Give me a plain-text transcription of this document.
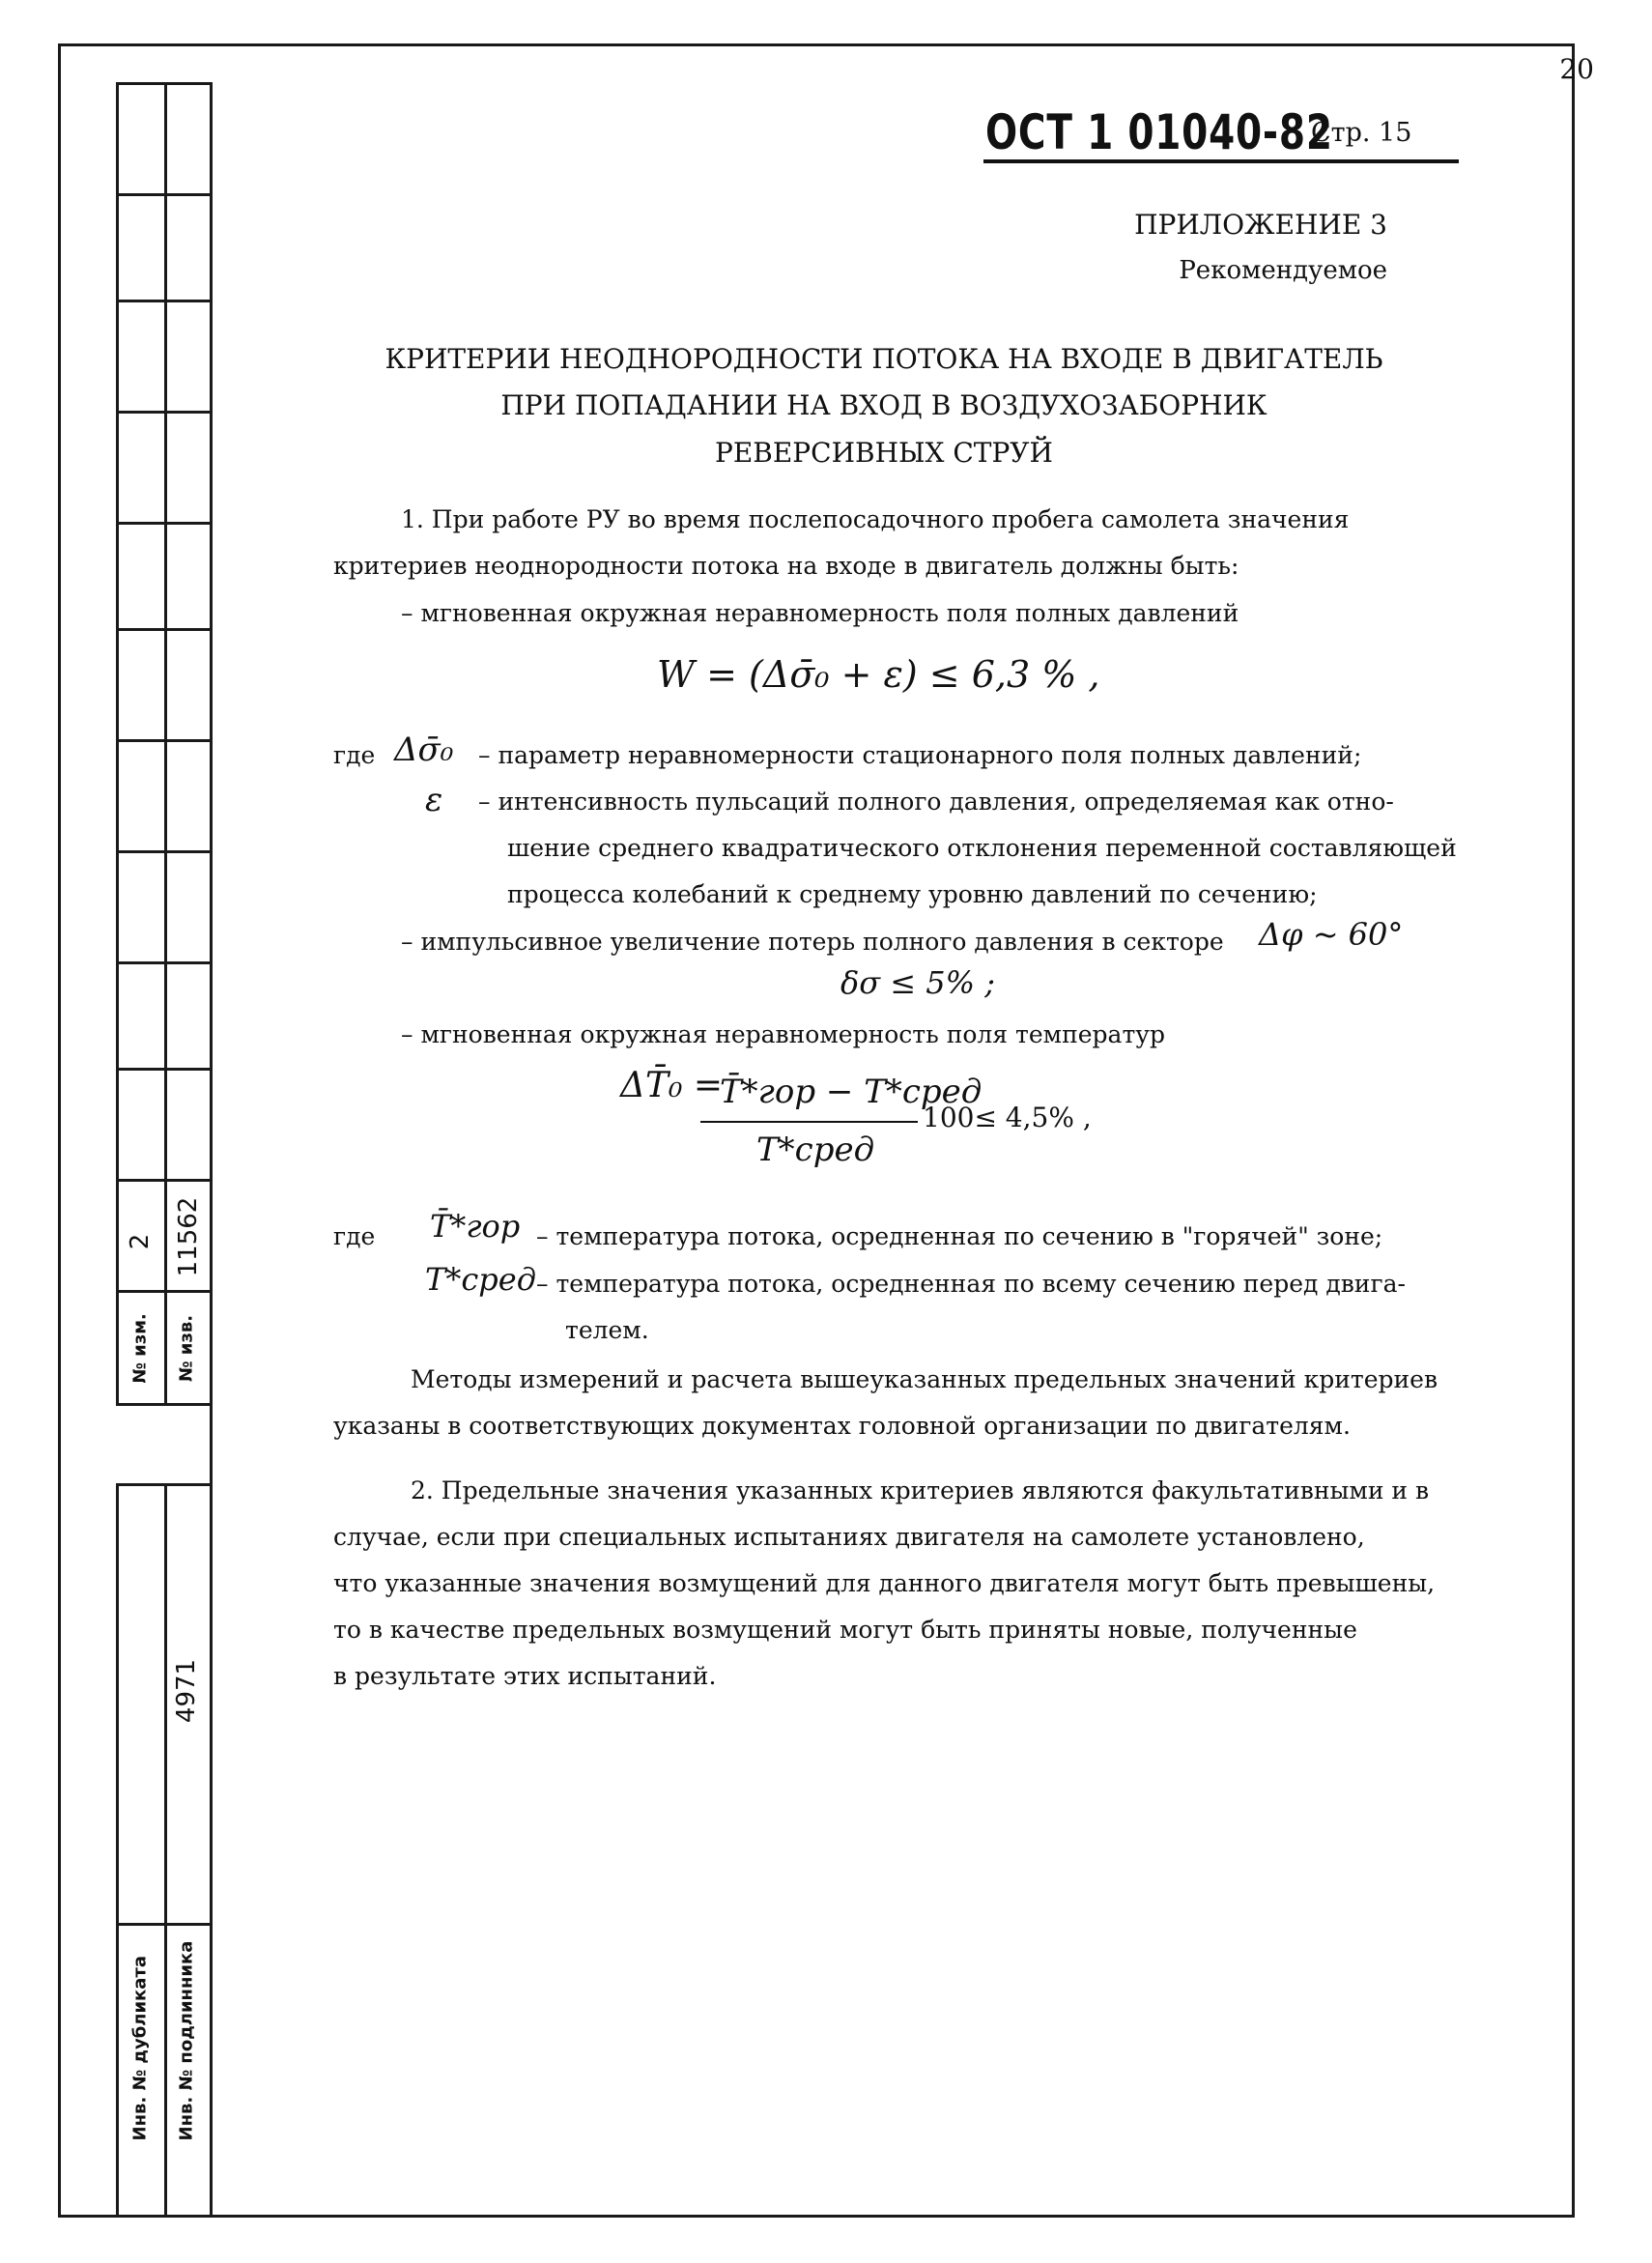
№ изм.
2
№ изв.
11562
Инв. № дубликата Инв. № подлинника
4971
20
ОСТ 1 01040-82
Стр. 15
ПРИЛОЖЕНИЕ 3
Рекомендуемое
КРИТЕРИИ НЕОДНОРОДНОСТИ ПОТОКА НА ВХОДЕ В ДВИГАТЕЛЬ
ПРИ ПОПАДАНИИ НА ВХОД В ВОЗДУХОЗАБОРНИК
РЕВЕРСИВНЫХ СТРУЙ
1. При работе РУ во время послепосадочного пробега самолета значения
критериев неоднородности потока на входе в двигатель должны быть:
– мгновенная окружная неравномерность поля полных давлений
W = (Δσ̄₀ + ε) ≤ 6,3 % ,
где Δσ̄₀ – параметр неравномерности стационарного поля полных давлений;
ε – интенсивность пульсаций полного давления, определяемая как отно-
шение среднего квадратического отклонения переменной составляющей
процесса колебаний к среднему уровню давлений по сечению;
– импульсивное увеличение потерь полного давления в секторе Δφ ~ 60°
δσ ≤ 5% ;
– мгновенная окружная неравномерность поля температур
ΔT̄₀ =
T̄*гор − T*сред
T*сред
100≤ 4,5% ,
где T̄*гор – температура потока, осредненная по сечению в "горячей" зоне;
T*сред – температура потока, осредненная по всему сечению перед двига-
телем.
Методы измерений и расчета вышеуказанных предельных значений критериев
указаны в соответствующих документах головной организации по двигателям.
2. Предельные значения указанных критериев являются факультативными и в
случае, если при специальных испытаниях двигателя на самолете установлено,
что указанные значения возмущений для данного двигателя могут быть превышены,
то в качестве предельных возмущений могут быть приняты новые, полученные
в результате этих испытаний.
